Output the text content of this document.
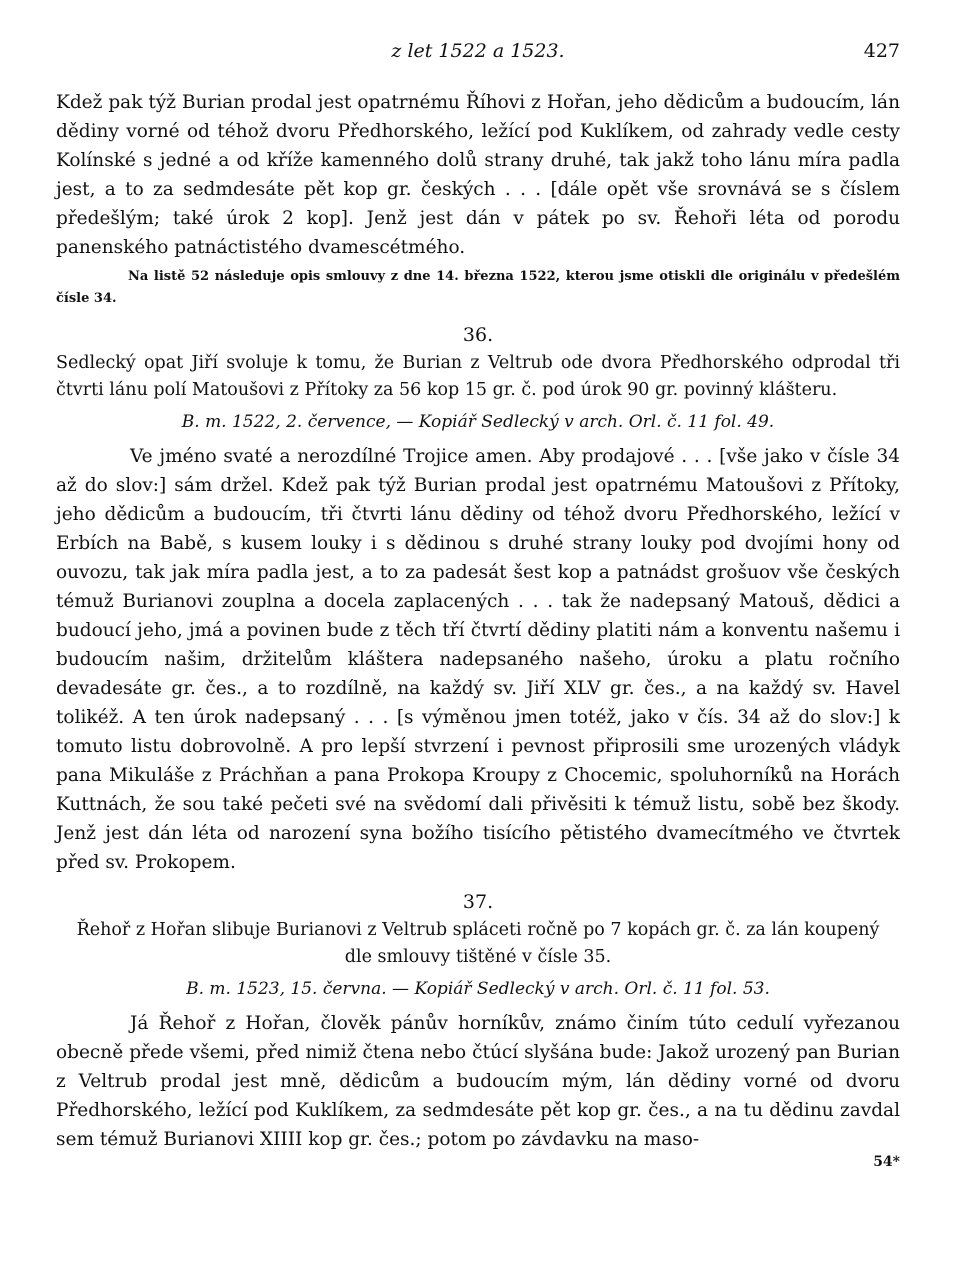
z let 1522 a 1523.	427

Kdež pak týž Burian prodal jest opatrnému Říhovi z Hořan, jeho dědicům a budoucím, lán dědiny vorné od téhož dvoru Předhorského, ležící pod Kuklíkem, od zahrady vedle cesty Kolínské s jedné a od kříže kamenného dolů strany druhé, tak jakž toho lánu míra padla jest, a to za sedmdesáte pět kop gr. českých . . . [dále opět vše srovnává se s číslem předešlým; také úrok 2 kop]. Jenž jest dán v pátek po sv. Řehoři léta od porodu panenského patnáctistého dvamescétmého.

Na listě 52 následuje opis smlouvy z dne 14. března 1522, kterou jsme otiskli dle originálu v předešlém čísle 34.

36.

Sedlecký opat Jiří svoluje k tomu, že Burian z Veltrub ode dvora Předhorského odprodal tři čtvrti lánu polí Matoušovi z Přítoky za 56 kop 15 gr. č. pod úrok 90 gr. povinný klášteru.

B. m. 1522, 2. července, — Kopiář Sedlecký v arch. Orl. č. 11 fol. 49.

Ve jméno svaté a nerozdílné Trojice amen. Aby prodajové . . . [vše jako v čísle 34 až do slov:] sám držel. Kdež pak týž Burian prodal jest opatrnému Matoušovi z Přítoky, jeho dědicům a budoucím, tři čtvrti lánu dědiny od téhož dvoru Předhorského, ležící v Erbích na Babě, s kusem louky i s dědinou s druhé strany louky pod dvojími hony od ouvozu, tak jak míra padla jest, a to za padesát šest kop a patnádst grošuov vše českých témuž Burianovi zouplna a docela zaplacených . . . tak že nadepsaný Matouš, dědici a budoucí jeho, jmá a povinen bude z těch tří čtvrtí dědiny platiti nám a konventu našemu i budoucím našim, držitelům kláštera nadepsaného našeho, úroku a platu ročního devadesáte gr. čes., a to rozdílně, na každý sv. Jiří XLV gr. čes., a na každý sv. Havel tolikéž. A ten úrok nadepsaný . . . [s výměnou jmen totéž, jako v čís. 34 až do slov:] k tomuto listu dobrovolně. A pro lepší stvrzení i pevnost připrosili sme urozených vládyk pana Mikuláše z Práchňan a pana Prokopa Kroupy z Chocemic, spoluhorníků na Horách Kuttnách, že sou také pečeti své na svědomí dali přivěsiti k témuž listu, sobě bez škody. Jenž jest dán léta od narození syna božího tisícího pětistého dvamecítmého ve čtvrtek před sv. Prokopem.

37.

Řehoř z Hořan slibuje Burianovi z Veltrub spláceti ročně po 7 kopách gr. č. za lán koupený dle smlouvy tištěné v čísle 35.

B. m. 1523, 15. června. — Kopiář Sedlecký v arch. Orl. č. 11 fol. 53.

Já Řehoř z Hořan, člověk pánův horníkův, známo činím túto cedulí vyřezanou obecně přede všemi, před nimiž čtena nebo čtúcí slyšána bude: Jakož urozený pan Burian z Veltrub prodal jest mně, dědicům a budoucím mým, lán dědiny vorné od dvoru Předhorského, ležící pod Kuklíkem, za sedmdesáte pět kop gr. čes., a na tu dědinu zavdal sem témuž Burianovi XIIII kop gr. čes.; potom po závdavku na maso-

54*
